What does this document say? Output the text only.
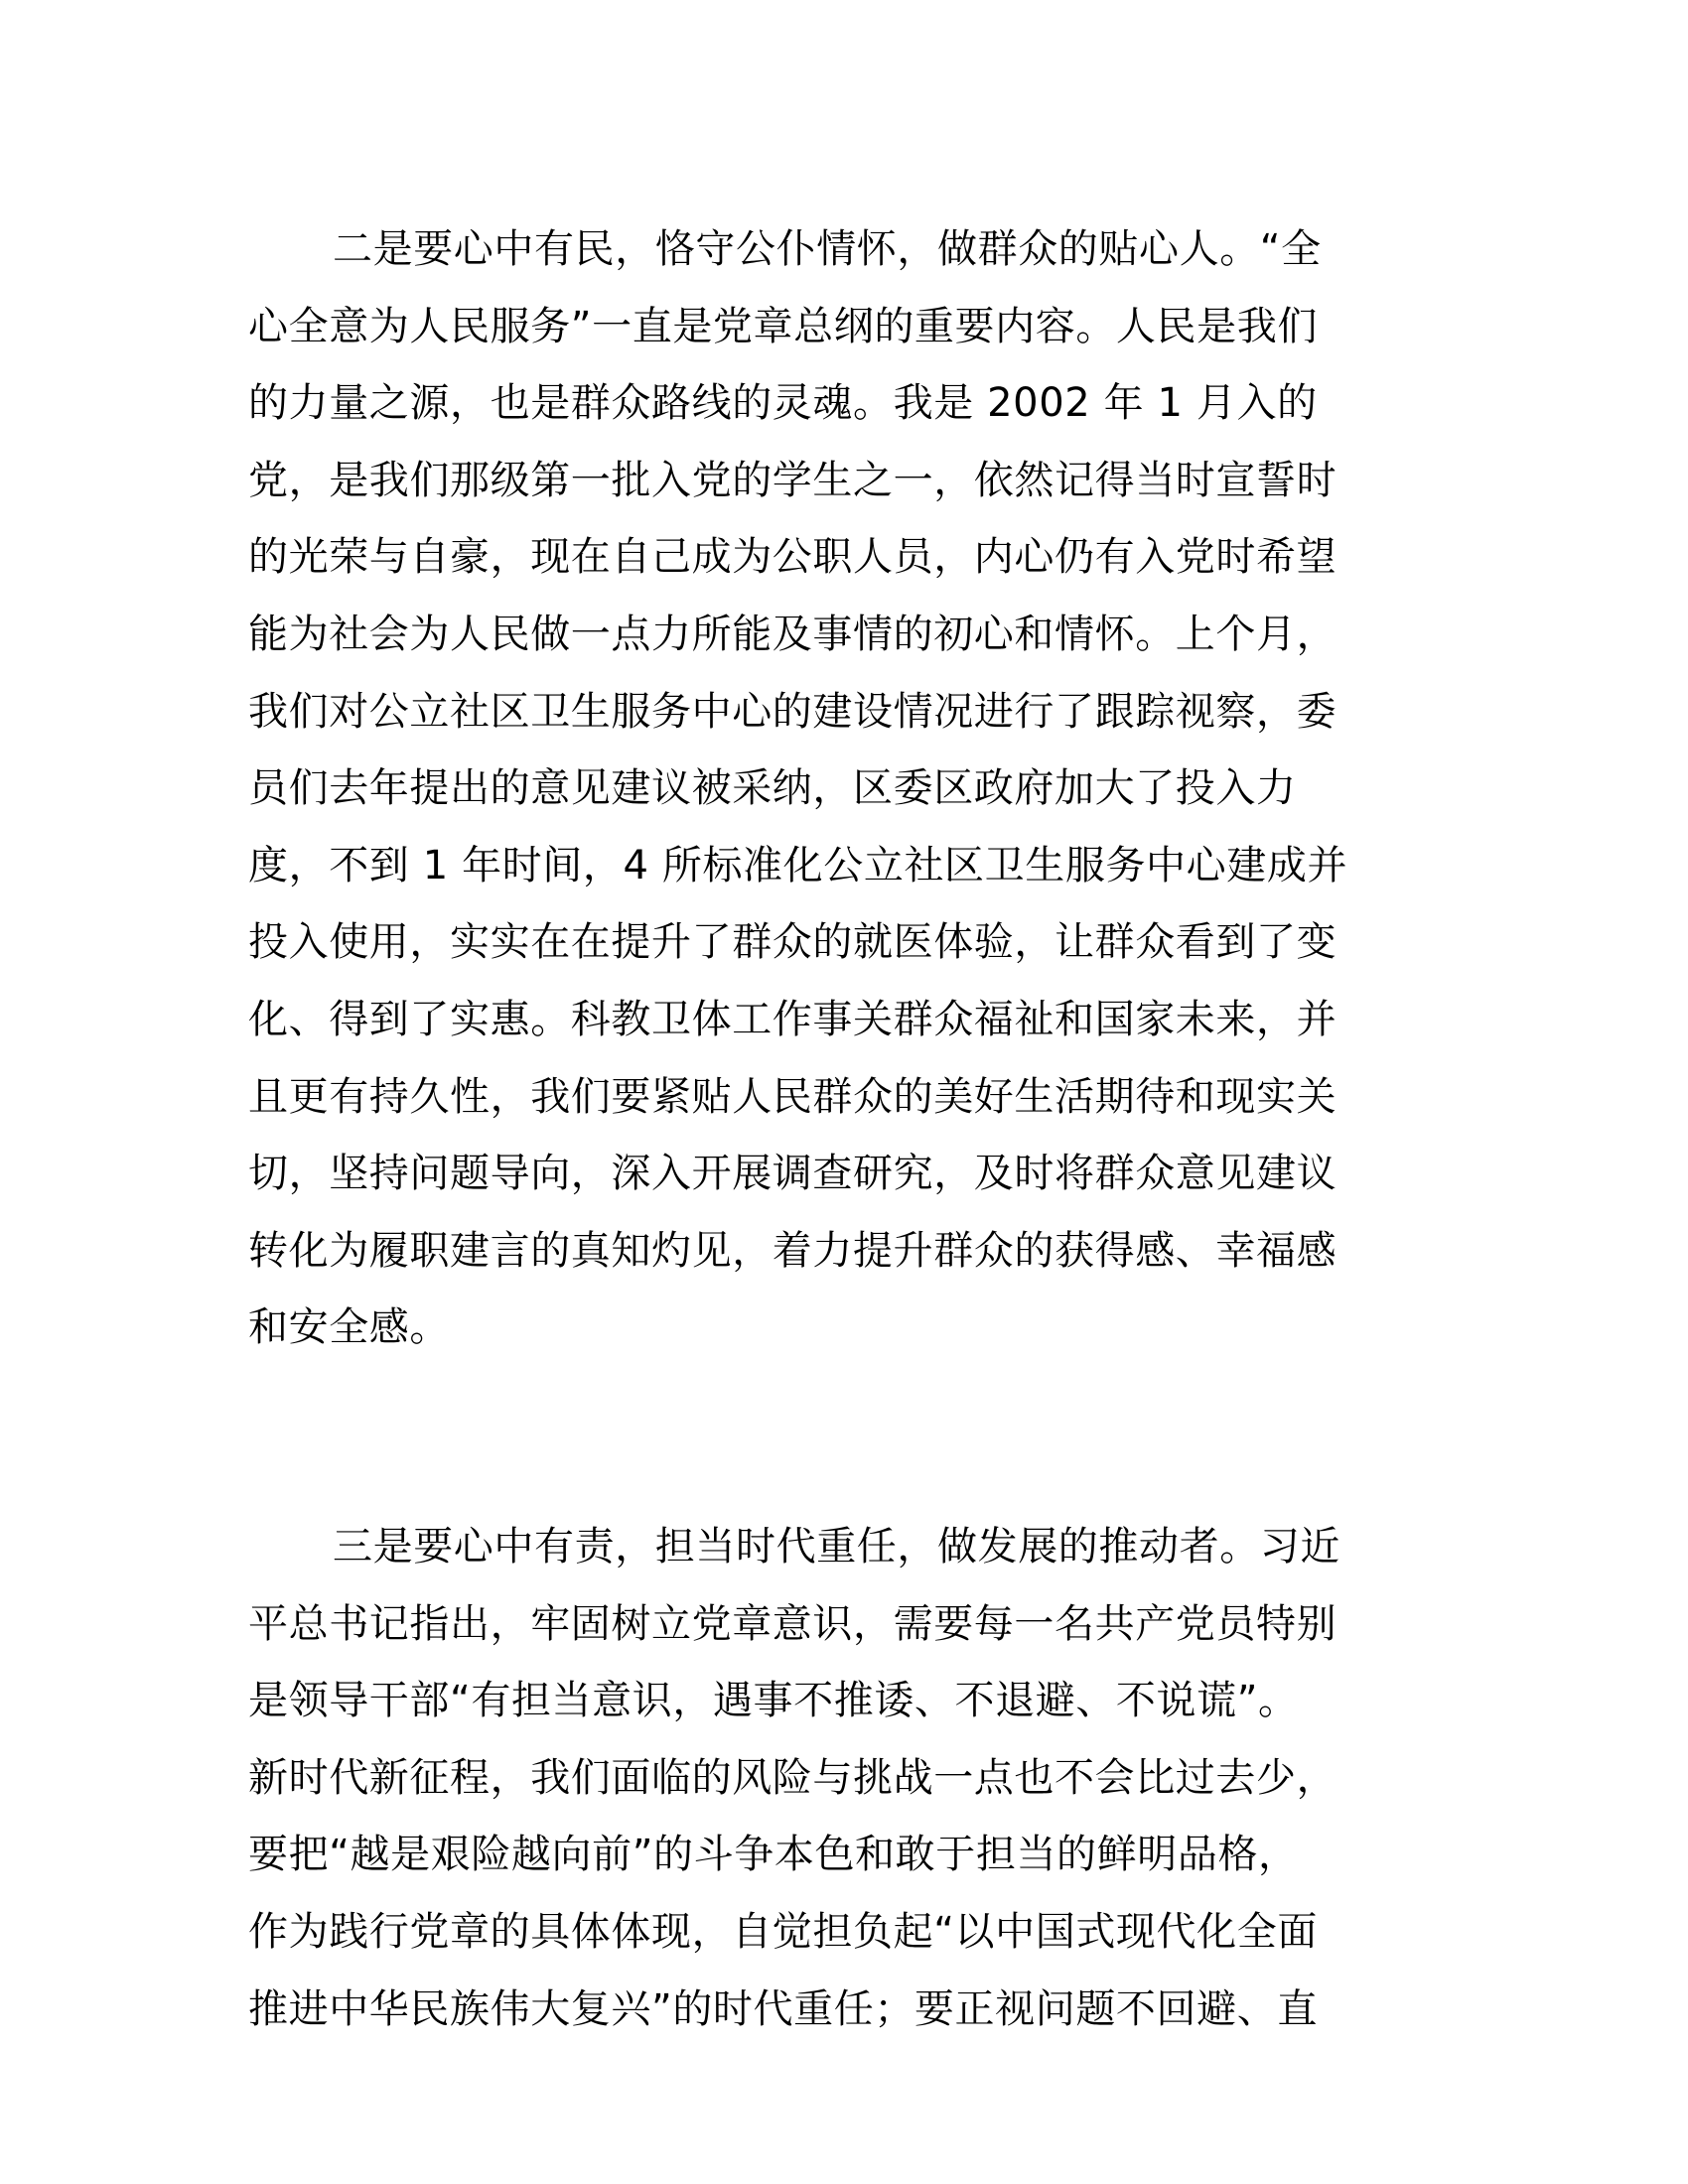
二是要心中有民，恪守公仆情怀，做群众的贴心人。“全
心全意为人民服务”一直是党章总纲的重要内容。人民是我们
的力量之源，也是群众路线的灵魂。我是 2002 年 1 月入的
党，是我们那级第一批入党的学生之一，依然记得当时宣誓时
的光荣与自豪，现在自己成为公职人员，内心仍有入党时希望
能为社会为人民做一点力所能及事情的初心和情怀。上个月，
我们对公立社区卫生服务中心的建设情况进行了跟踪视察，委
员们去年提出的意见建议被采纳，区委区政府加大了投入力
度，不到 1 年时间，4 所标准化公立社区卫生服务中心建成并
投入使用，实实在在提升了群众的就医体验，让群众看到了变
化、得到了实惠。科教卫体工作事关群众福祉和国家未来，并
且更有持久性，我们要紧贴人民群众的美好生活期待和现实关
切，坚持问题导向，深入开展调查研究，及时将群众意见建议
转化为履职建言的真知灼见，着力提升群众的获得感、幸福感
和安全感。
三是要心中有责，担当时代重任，做发展的推动者。习近
平总书记指出，牢固树立党章意识，需要每一名共产党员特别
是领导干部“有担当意识，遇事不推诿、不退避、不说谎”。
新时代新征程，我们面临的风险与挑战一点也不会比过去少，
要把“越是艰险越向前”的斗争本色和敢于担当的鲜明品格，
作为践行党章的具体体现，自觉担负起“以中国式现代化全面
推进中华民族伟大复兴”的时代重任；要正视问题不回避、直
